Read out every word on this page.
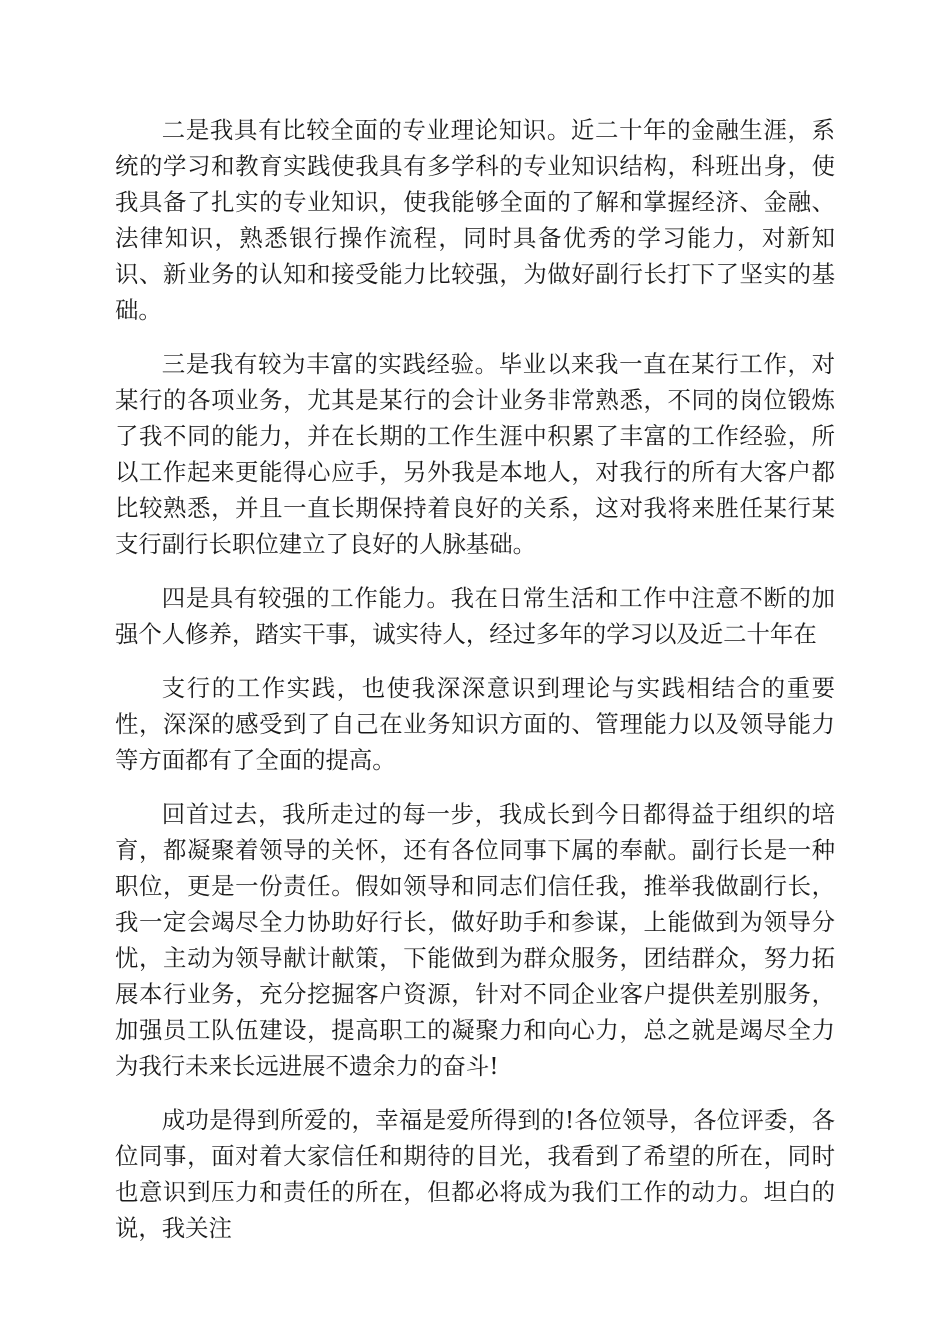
二是我具有比较全面的专业理论知识。近二十年的金融生涯，系统的学习和教育实践使我具有多学科的专业知识结构，科班出身，使我具备了扎实的专业知识，使我能够全面的了解和掌握经济、金融、法律知识，熟悉银行操作流程，同时具备优秀的学习能力，对新知识、新业务的认知和接受能力比较强，为做好副行长打下了坚实的基础。

三是我有较为丰富的实践经验。毕业以来我一直在某行工作，对某行的各项业务，尤其是某行的会计业务非常熟悉，不同的岗位锻炼了我不同的能力，并在长期的工作生涯中积累了丰富的工作经验，所以工作起来更能得心应手，另外我是本地人，对我行的所有大客户都比较熟悉，并且一直长期保持着良好的关系，这对我将来胜任某行某支行副行长职位建立了良好的人脉基础。

四是具有较强的工作能力。我在日常生活和工作中注意不断的加强个人修养，踏实干事，诚实待人，经过多年的学习以及近二十年在

支行的工作实践，也使我深深意识到理论与实践相结合的重要性，深深的感受到了自己在业务知识方面的、管理能力以及领导能力等方面都有了全面的提高。

回首过去，我所走过的每一步，我成长到今日都得益于组织的培育，都凝聚着领导的关怀，还有各位同事下属的奉献。副行长是一种职位，更是一份责任。假如领导和同志们信任我，推举我做副行长，我一定会竭尽全力协助好行长，做好助手和参谋，上能做到为领导分忧，主动为领导献计献策，下能做到为群众服务，团结群众，努力拓展本行业务，充分挖掘客户资源，针对不同企业客户提供差别服务，加强员工队伍建设，提高职工的凝聚力和向心力，总之就是竭尽全力为我行未来长远进展不遗余力的奋斗!

成功是得到所爱的，幸福是爱所得到的!各位领导，各位评委，各位同事，面对着大家信任和期待的目光，我看到了希望的所在，同时也意识到压力和责任的所在，但都必将成为我们工作的动力。坦白的说，我关注
